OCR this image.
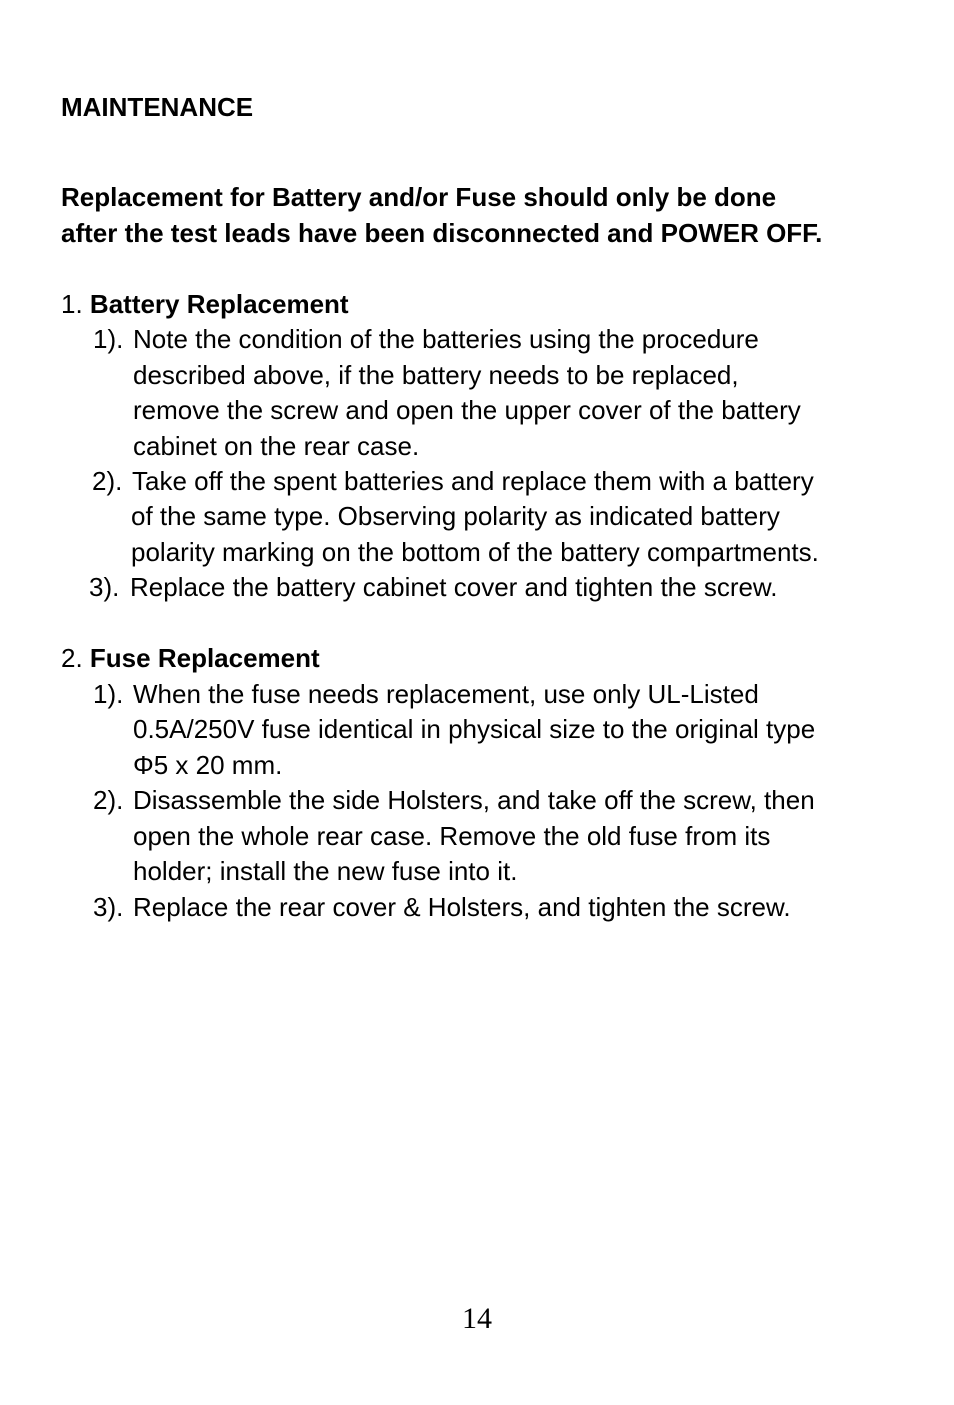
MAINTENANCE
Replacement for Battery and/or Fuse should only be done
after the test leads have been disconnected and POWER OFF.
1. Battery Replacement
1). Note the condition of the batteries using the procedure
described above, if the battery needs to be replaced,
remove the screw and open the upper cover of the battery
cabinet on the rear case.
2). Take off the spent batteries and replace them with a battery
of the same type. Observing polarity as indicated battery
polarity marking on the bottom of the battery compartments.
3). Replace the battery cabinet cover and tighten the screw.
2. Fuse Replacement
1). When the fuse needs replacement, use only UL-Listed
0.5A/250V fuse identical in physical size to the original type
Φ5 x 20 mm.
2). Disassemble the side Holsters, and take off the screw, then
open the whole rear case. Remove the old fuse from its
holder; install the new fuse into it.
3). Replace the rear cover & Holsters, and tighten the screw.
14
